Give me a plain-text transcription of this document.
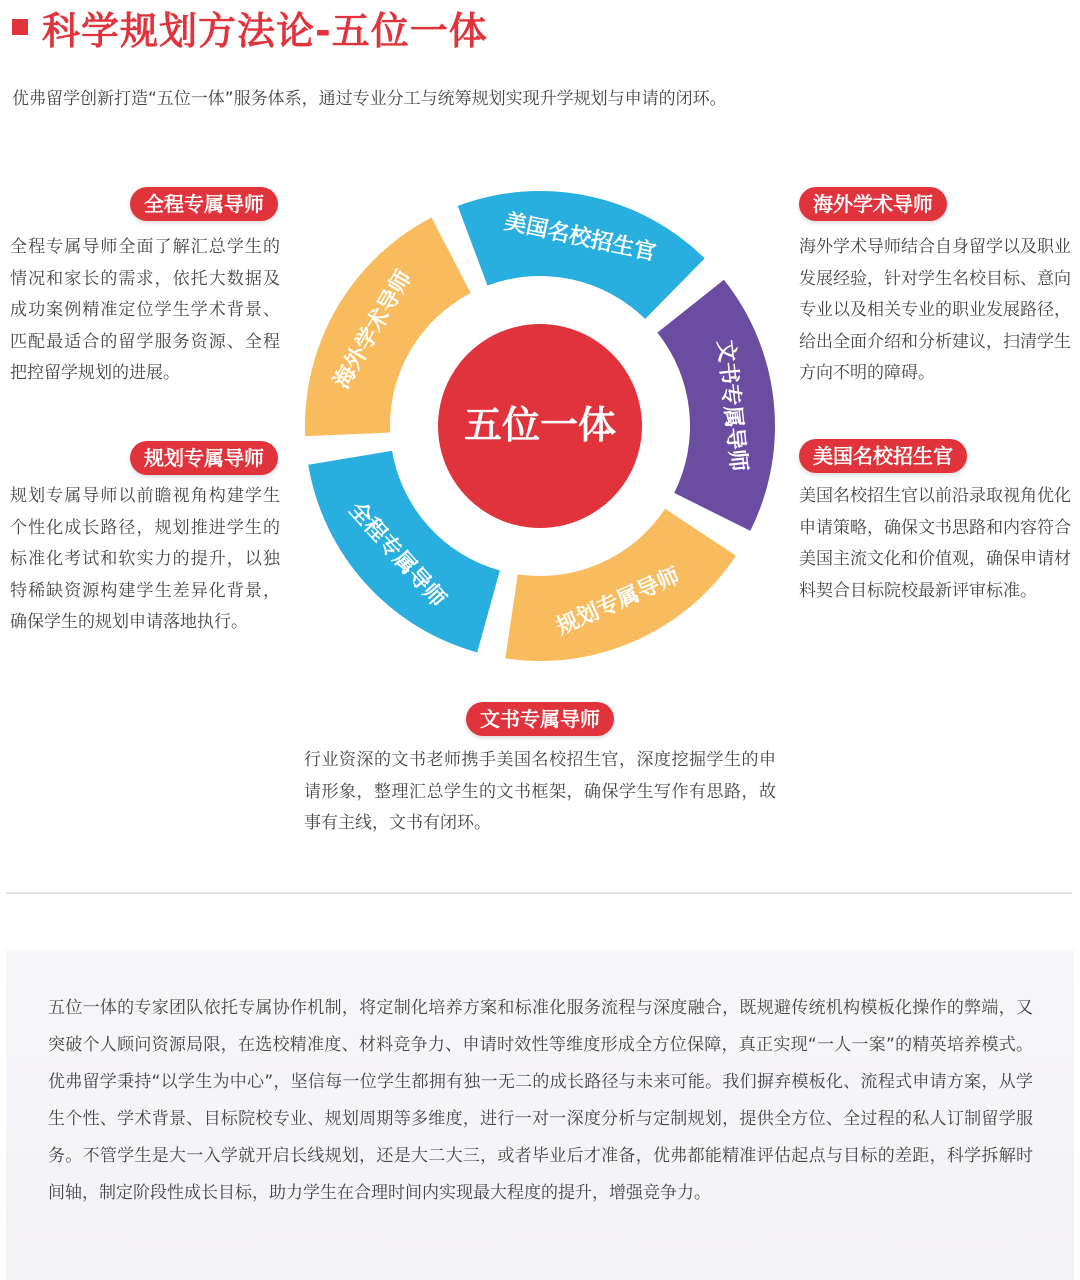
科学规划方法论-五位一体
优弗留学创新打造“五位一体”服务体系，通过专业分工与统筹规划实现升学规划与申请的闭环。
全程专属导师
全程专属导师全面了解汇总学生的情况和家长的需求，依托大数据及成功案例精准定位学生学术背景、匹配最适合的留学服务资源、全程把控留学规划的进展。
规划专属导师
规划专属导师以前瞻视角构建学生个性化成长路径，规划推进学生的标准化考试和软实力的提升，以独特稀缺资源构建学生差异化背景，确保学生的规划申请落地执行。
海外学术导师
海外学术导师结合自身留学以及职业发展经验，针对学生名校目标、意向专业以及相关专业的职业发展路径，给出全面介绍和分析建议，扫清学生方向不明的障碍。
美国名校招生官
美国名校招生官以前沿录取视角优化申请策略，确保文书思路和内容符合美国主流文化和价值观，确保申请材料契合目标院校最新评审标准。
全程专属导师
海外学术导师
美国名校招生官
文书专属导师
规划专属导师
五位一体
文书专属导师
行业资深的文书老师携手美国名校招生官，深度挖掘学生的申请形象，整理汇总学生的文书框架，确保学生写作有思路，故事有主线，文书有闭环。
五位一体的专家团队依托专属协作机制，将定制化培养方案和标准化服务流程与深度融合，既规避传统机构模板化操作的弊端，又突破个人顾问资源局限，在选校精准度、材料竞争力、申请时效性等维度形成全方位保障，真正实现“一人一案”的精英培养模式。优弗留学秉持“以学生为中心”，坚信每一位学生都拥有独一无二的成长路径与未来可能。我们摒弃模板化、流程式申请方案，从学生个性、学术背景、目标院校专业、规划周期等多维度，进行一对一深度分析与定制规划，提供全方位、全过程的私人订制留学服务。不管学生是大一入学就开启长线规划，还是大二大三，或者毕业后才准备，优弗都能精准评估起点与目标的差距，科学拆解时间轴，制定阶段性成长目标，助力学生在合理时间内实现最大程度的提升，增强竞争力。
